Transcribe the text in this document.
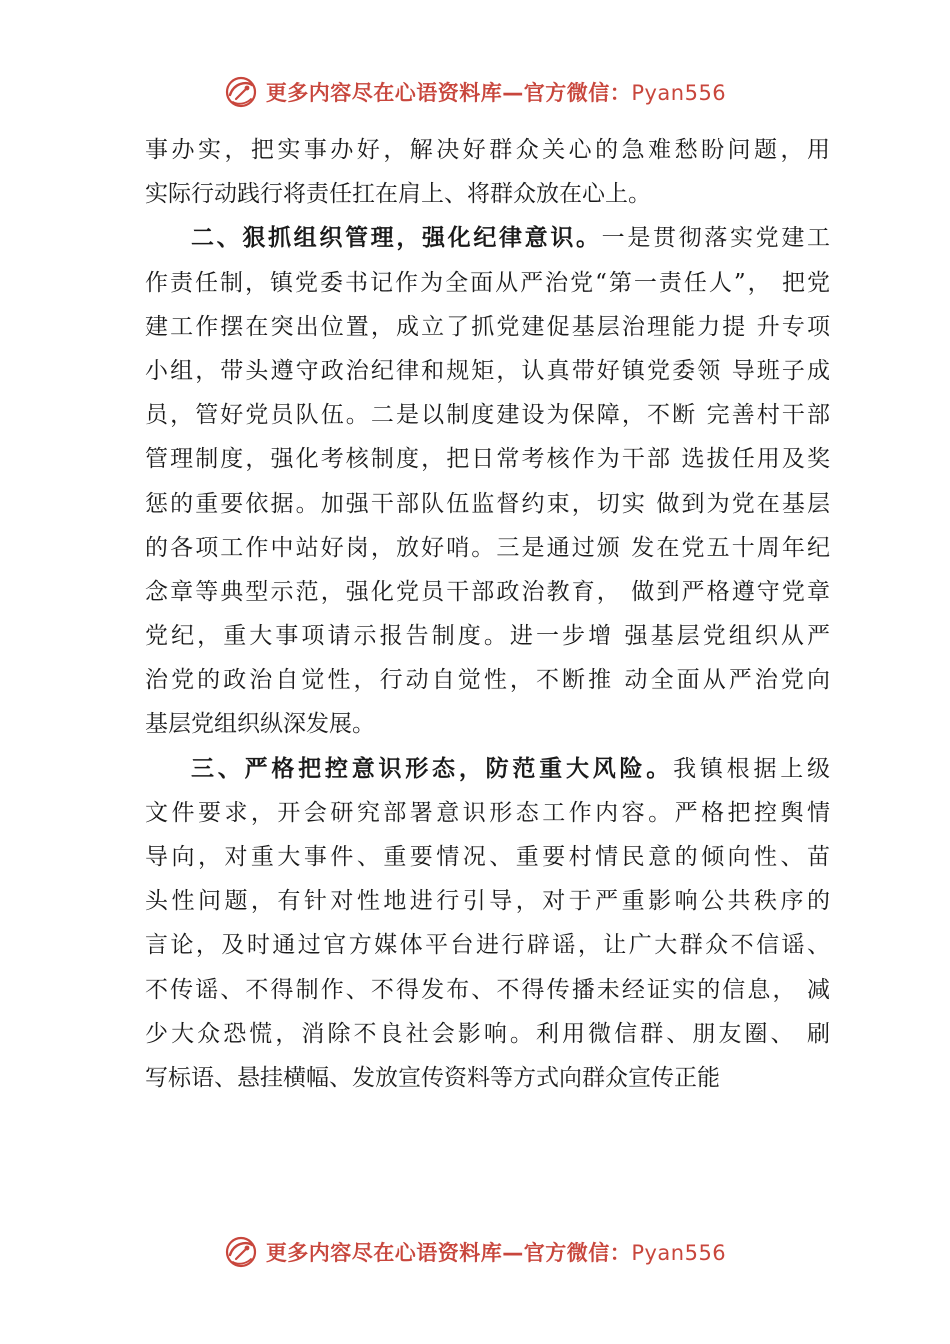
更多内容尽在心语资料库—官方微信：Pyan556
事办实，把实事办好，解决好群众关心的急难愁盼问题，用
实际行动践行将责任扛在肩上、将群众放在心上。
二、狠抓组织管理，强化纪律意识。一是贯彻落实党建工
作责任制，镇党委书记作为全面从严治党“第一责任人”， 把党
建工作摆在突出位置，成立了抓党建促基层治理能力提 升专项
小组，带头遵守政治纪律和规矩，认真带好镇党委领 导班子成
员，管好党员队伍。二是以制度建设为保障，不断 完善村干部
管理制度，强化考核制度，把日常考核作为干部 选拔任用及奖
惩的重要依据。加强干部队伍监督约束，切实 做到为党在基层
的各项工作中站好岗，放好哨。三是通过颁 发在党五十周年纪
念章等典型示范，强化党员干部政治教育， 做到严格遵守党章
党纪，重大事项请示报告制度。进一步增 强基层党组织从严
治党的政治自觉性，行动自觉性，不断推 动全面从严治党向
基层党组织纵深发展。
三、严格把控意识形态，防范重大风险。我镇根据上级
文件要求，开会研究部署意识形态工作内容。严格把控舆情
导向，对重大事件、重要情况、重要村情民意的倾向性、苗
头性问题，有针对性地进行引导，对于严重影响公共秩序的
言论，及时通过官方媒体平台进行辟谣，让广大群众不信谣、
不传谣、不得制作、不得发布、不得传播未经证实的信息， 减
少大众恐慌，消除不良社会影响。利用微信群、朋友圈、 刷
写标语、悬挂横幅、发放宣传资料等方式向群众宣传正能
更多内容尽在心语资料库—官方微信：Pyan556
